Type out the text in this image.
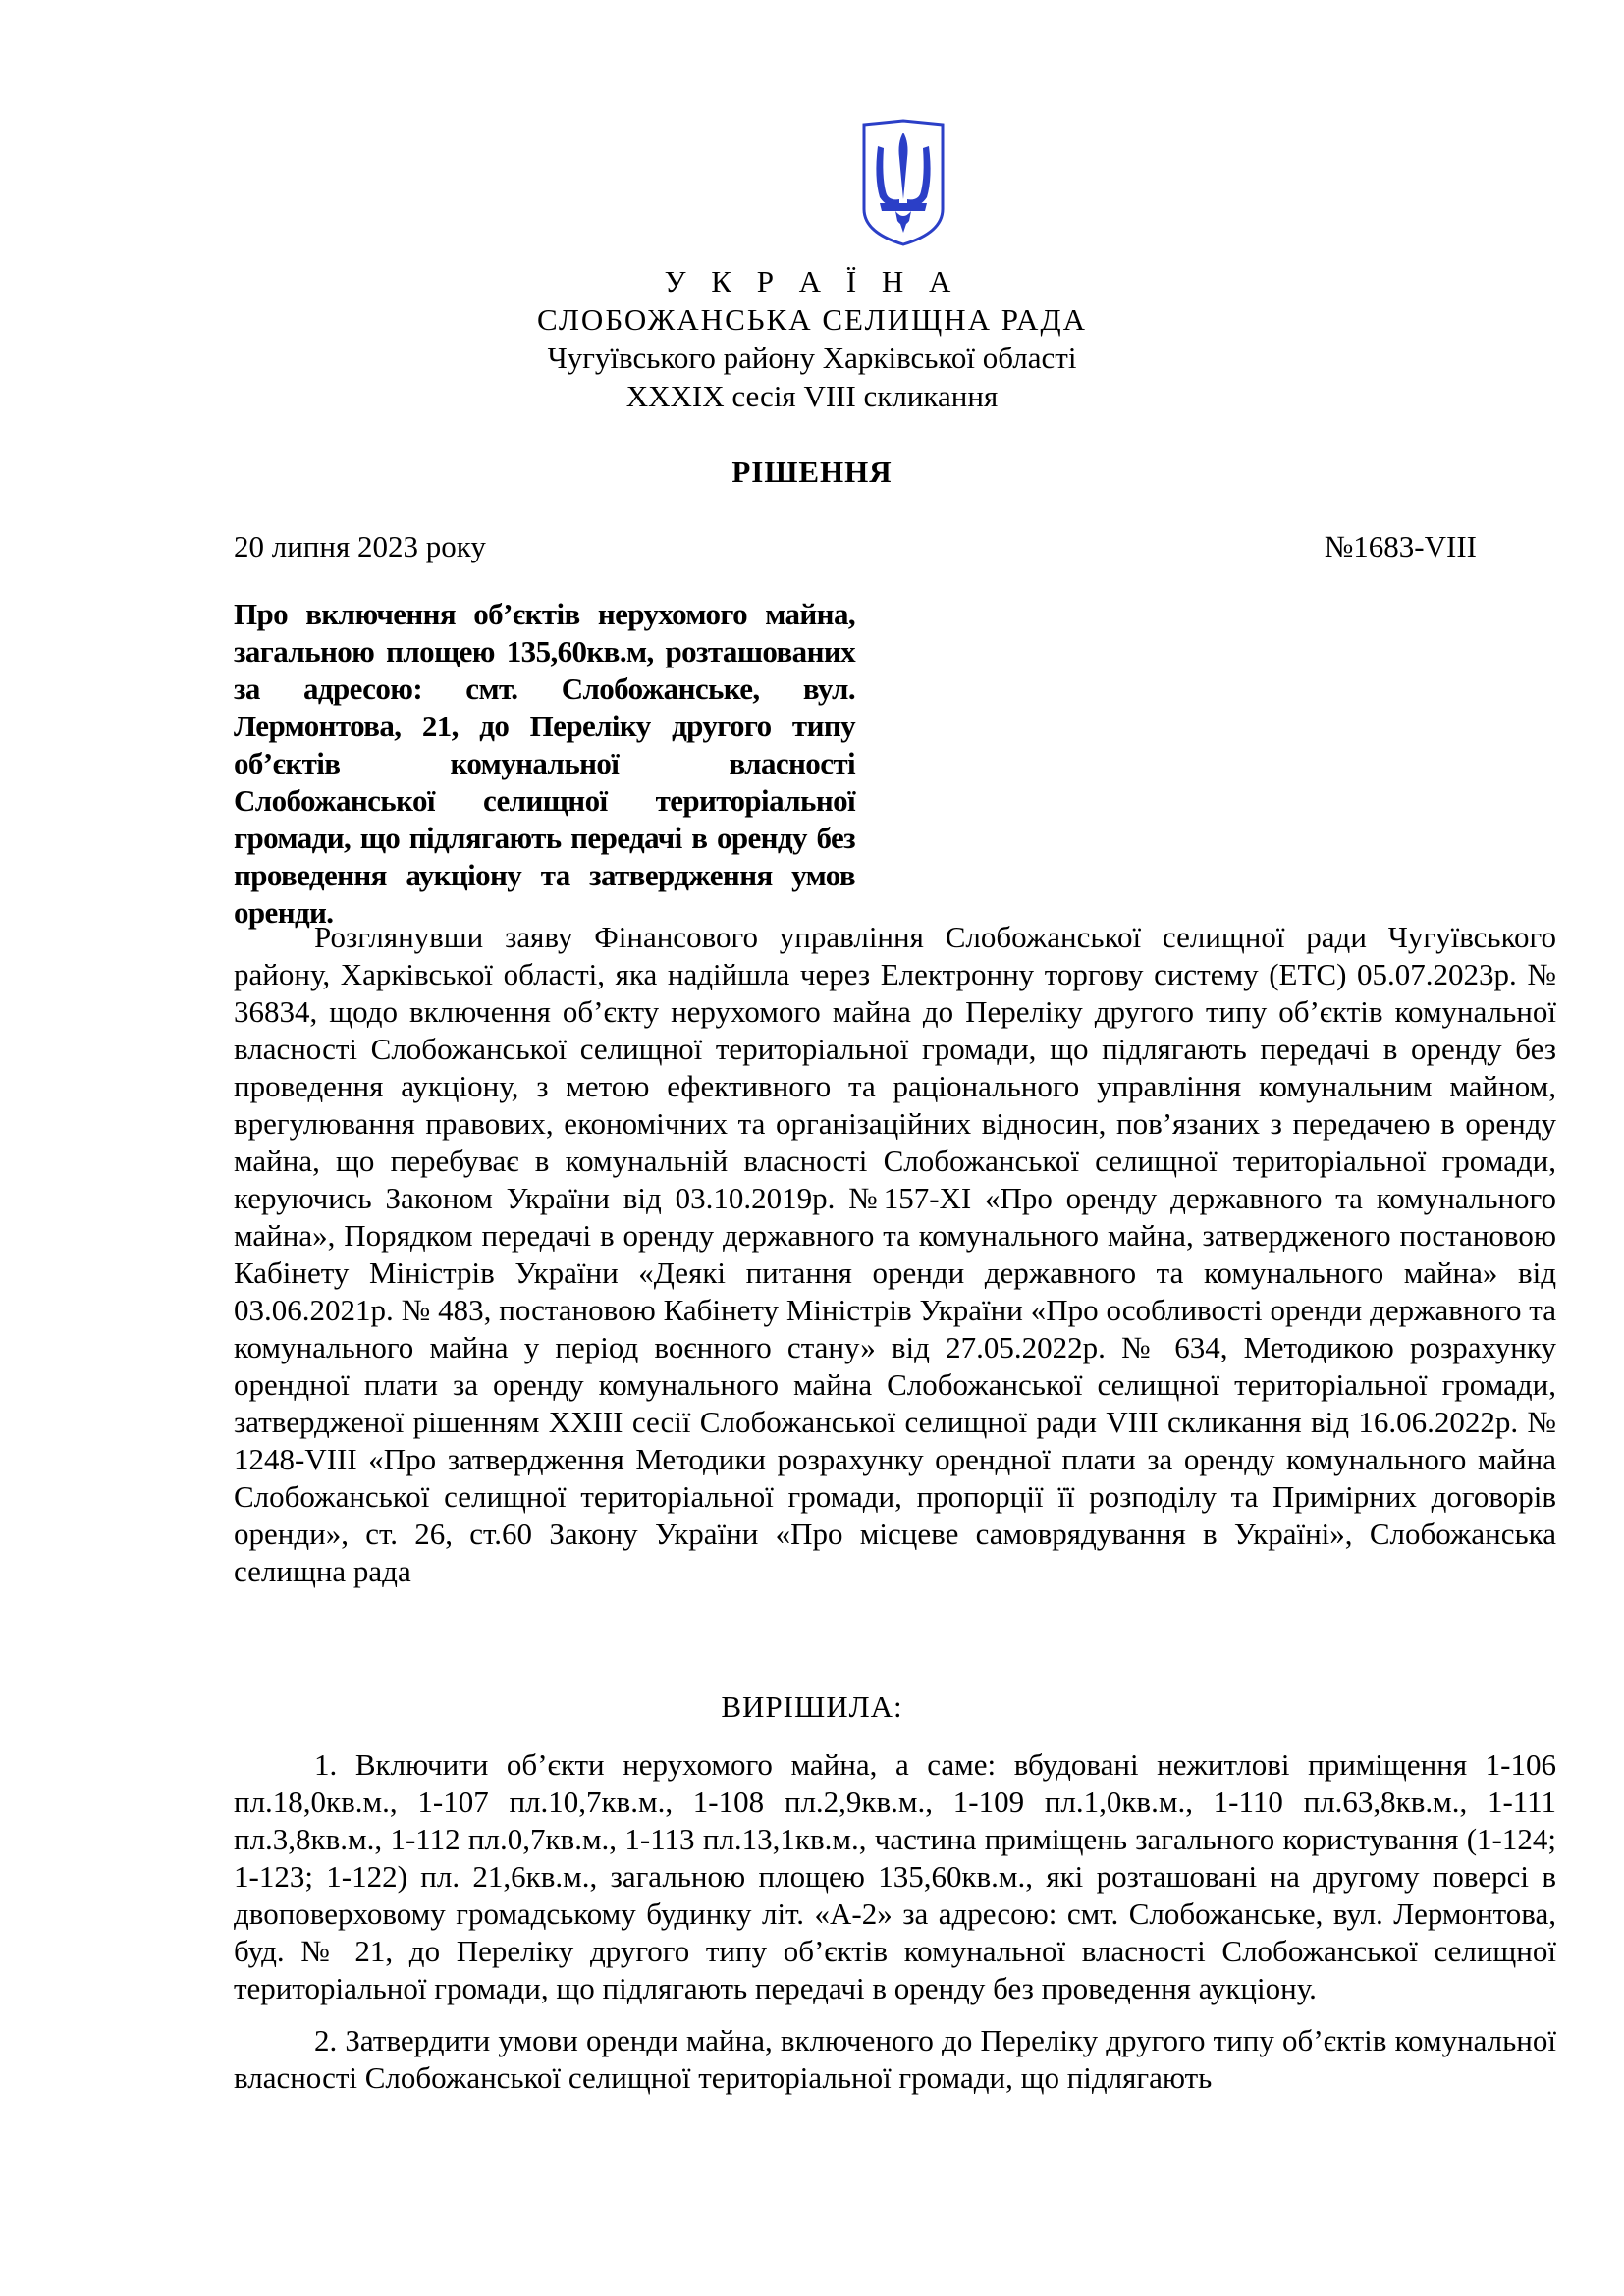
У К Р А Ї Н А
СЛОБОЖАНСЬКА СЕЛИЩНА РАДА
Чугуївського району Харківської області
XXXIX сесія VIII скликання
РІШЕННЯ
20 липня 2023 року	№1683-VIII
Про включення об’єктів нерухомого майна, загальною площею 135,60кв.м, розташованих за адресою: смт. Слобожанське, вул. Лермонтова, 21, до Переліку другого типу об’єктів комунальної власності Слобожанської селищної територіальної громади, що підлягають передачі в оренду без проведення аукціону та затвердження умов оренди.
Розглянувши заяву Фінансового управління Слобожанської селищної ради Чугуївського району, Харківської області, яка надійшла через Електронну торгову систему (ЕТС) 05.07.2023р. № 36834, щодо включення об’єкту нерухомого майна до Переліку другого типу об’єктів комунальної власності Слобожанської селищної територіальної громади, що підлягають передачі в оренду без проведення аукціону, з метою ефективного та раціонального управління комунальним майном, врегулювання правових, економічних та організаційних відносин, пов’язаних з передачею в оренду майна, що перебуває в комунальній власності Слобожанської селищної територіальної громади, керуючись Законом України від 03.10.2019р. №157-XI «Про оренду державного та комунального майна», Порядком передачі в оренду державного та комунального майна, затвердженого постановою Кабінету Міністрів України «Деякі питання оренди державного та комунального майна» від 03.06.2021р. № 483, постановою Кабінету Міністрів України «Про особливості оренди державного та комунального майна у період воєнного стану» від 27.05.2022р. № 634, Методикою розрахунку орендної плати за оренду комунального майна Слобожанської селищної територіальної громади, затвердженої рішенням XXIII сесії Слобожанської селищної ради VIII скликання від 16.06.2022р. № 1248-VIII «Про затвердження Методики розрахунку орендної плати за оренду комунального майна Слобожанської селищної територіальної громади, пропорції її розподілу та Примірних договорів оренди», ст. 26, ст.60 Закону України «Про місцеве самоврядування в Україні», Слобожанська селищна рада
ВИРІШИЛА:
1. Включити об’єкти нерухомого майна, а саме: вбудовані нежитлові приміщення 1-106 пл.18,0кв.м., 1-107 пл.10,7кв.м., 1-108 пл.2,9кв.м., 1-109 пл.1,0кв.м., 1-110 пл.63,8кв.м., 1-111 пл.3,8кв.м., 1-112 пл.0,7кв.м., 1-113 пл.13,1кв.м., частина приміщень загального користування (1-124; 1-123; 1-122) пл. 21,6кв.м., загальною площею 135,60кв.м., які розташовані на другому поверсі в двоповерховому громадському будинку літ. «А-2» за адресою: смт. Слобожанське, вул. Лермонтова, буд. № 21, до Переліку другого типу об’єктів комунальної власності Слобожанської селищної територіальної громади, що підлягають передачі в оренду без проведення аукціону.
2. Затвердити умови оренди майна, включеного до Переліку другого типу об’єктів комунальної власності Слобожанської селищної територіальної громади, що підлягають
